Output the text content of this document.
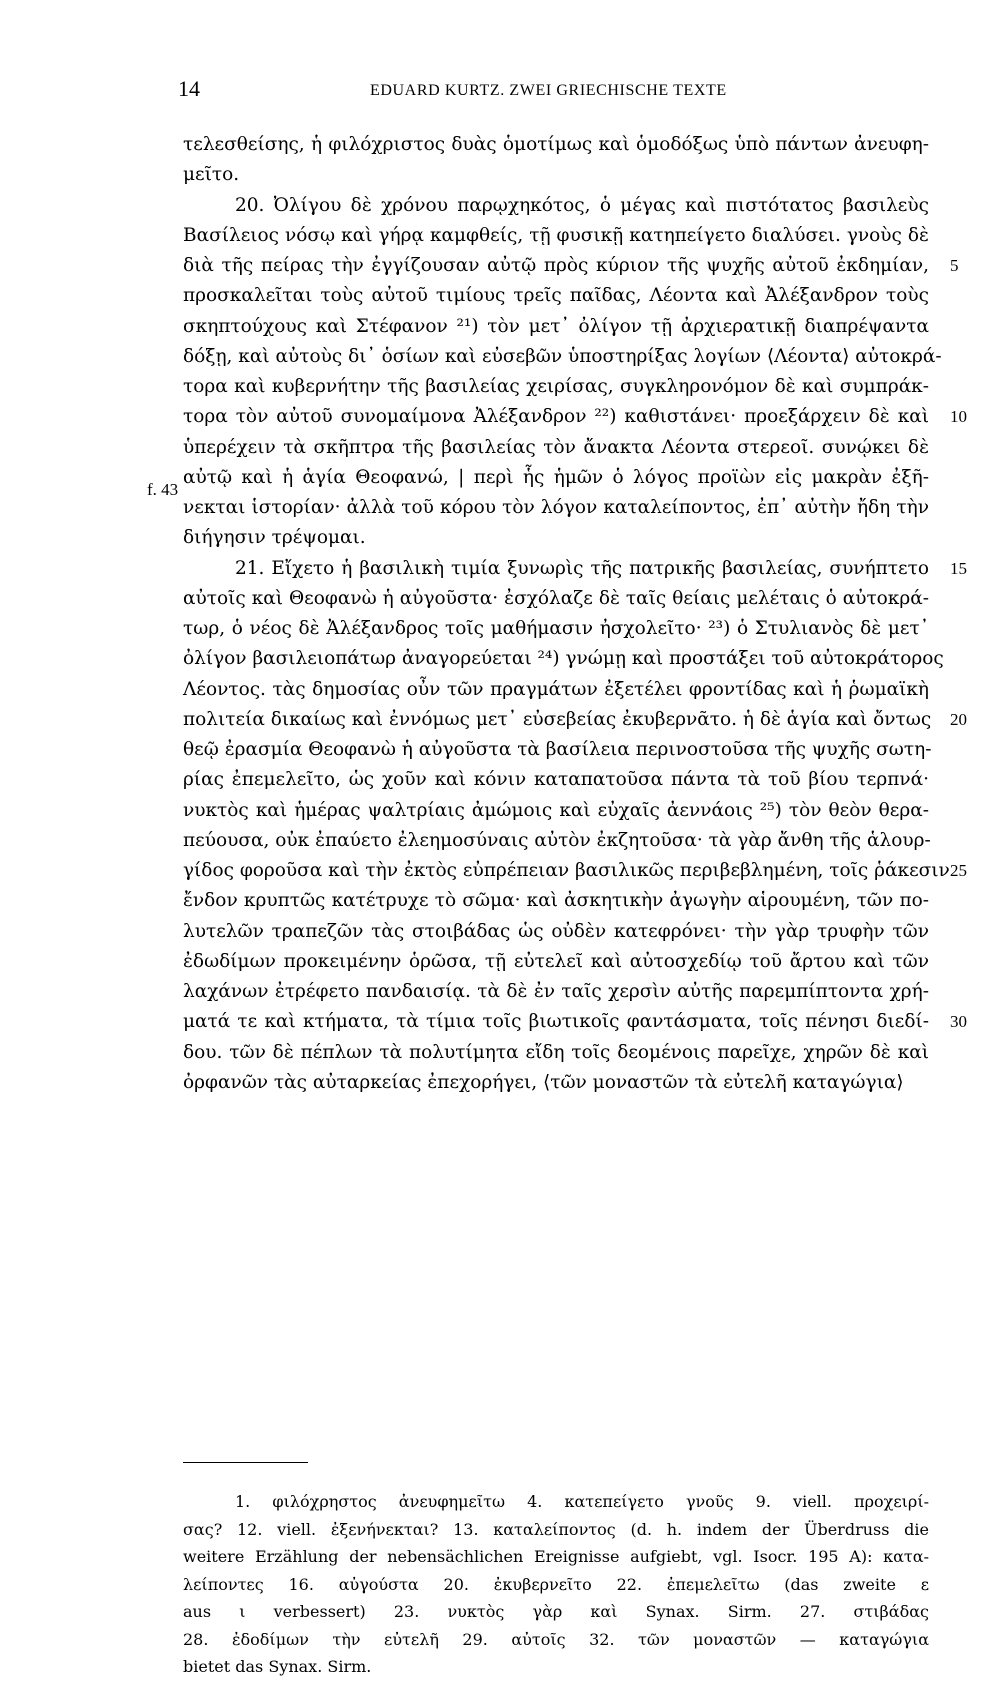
14	EDUARD KURTZ. ZWEI GRIECHISCHE TEXTE
f. 43
τελεσθείσης, ἡ φιλόχριστος δυὰς ὁμοτίμως καὶ ὁμοδόξως ὑπὸ πάντων ἀνευφη-
μεῖτο.
20. Ὀλίγου δὲ χρόνου παρῳχηκότος, ὁ μέγας καὶ πιστότατος βασιλεὺς
Βασίλειος νόσῳ καὶ γήρᾳ καμφθείς, τῇ φυσικῇ κατηπείγετο διαλύσει. γνοὺς δὲ
διὰ τῆς πείρας τὴν ἐγγίζουσαν αὐτῷ πρὸς κύριον τῆς ψυχῆς αὐτοῦ ἐκδημίαν, 5
προσκαλεῖται τοὺς αὐτοῦ τιμίους τρεῖς παῖδας, Λέοντα καὶ Ἀλέξανδρον τοὺς
σκηπτούχους καὶ Στέφανον ²¹) τὸν μετ᾽ ὀλίγον τῇ ἀρχιερατικῇ διαπρέψαντα
δόξῃ, καὶ αὐτοὺς δι᾽ ὁσίων καὶ εὐσεβῶν ὑποστηρίξας λογίων ⟨Λέοντα⟩ αὐτοκρά-
τορα καὶ κυβερνήτην τῆς βασιλείας χειρίσας, συγκληρονόμον δὲ καὶ συμπράκ-
τορα τὸν αὐτοῦ συνομαίμονα Ἀλέξανδρον ²²) καθιστάνει· προεξάρχειν δὲ καὶ 10
ὑπερέχειν τὰ σκῆπτρα τῆς βασιλείας τὸν ἄνακτα Λέοντα στερεοῖ. συνῴκει δὲ
αὐτῷ καὶ ἡ ἁγία Θεοφανώ, | περὶ ἧς ἡμῶν ὁ λόγος προϊὼν εἰς μακρὰν ἐξῆ-
νεκται ἱστορίαν· ἀλλὰ τοῦ κόρου τὸν λόγον καταλείποντος, ἐπ᾽ αὐτὴν ἤδη τὴν
διήγησιν τρέψομαι.
21. Εἴχετο ἡ βασιλικὴ τιμία ξυνωρὶς τῆς πατρικῆς βασιλείας, συνήπτετο 15
αὐτοῖς καὶ Θεοφανὼ ἡ αὐγοῦστα· ἐσχόλαζε δὲ ταῖς θείαις μελέταις ὁ αὐτοκρά-
τωρ, ὁ νέος δὲ Ἀλέξανδρος τοῖς μαθήμασιν ἠσχολεῖτο· ²³) ὁ Στυλιανὸς δὲ μετ᾽
ὀλίγον βασιλειοπάτωρ ἀναγορεύεται ²⁴) γνώμῃ καὶ προστάξει τοῦ αὐτοκράτορος
Λέοντος. τὰς δημοσίας οὖν τῶν πραγμάτων ἐξετέλει φροντίδας καὶ ἡ ῥωμαϊκὴ
πολιτεία δικαίως καὶ ἐννόμως μετ᾽ εὐσεβείας ἐκυβερνᾶτο. ἡ δὲ ἁγία καὶ ὄντως 20
θεῷ ἐρασμία Θεοφανὼ ἡ αὐγοῦστα τὰ βασίλεια περινοστοῦσα τῆς ψυχῆς σωτη-
ρίας ἐπεμελεῖτο, ὡς χοῦν καὶ κόνιν καταπατοῦσα πάντα τὰ τοῦ βίου τερπνά·
νυκτὸς καὶ ἡμέρας ψαλτρίαις ἀμώμοις καὶ εὐχαῖς ἀεννάοις ²⁵) τὸν θεὸν θερα-
πεύουσα, οὐκ ἐπαύετο ἐλεημοσύναις αὐτὸν ἐκζητοῦσα· τὰ γὰρ ἄνθη τῆς ἁλουρ-
γίδος φοροῦσα καὶ τὴν ἐκτὸς εὐπρέπειαν βασιλικῶς περιβεβλημένη, τοῖς ῥάκεσιν 25
ἔνδον κρυπτῶς κατέτρυχε τὸ σῶμα· καὶ ἀσκητικὴν ἀγωγὴν αἱρουμένη, τῶν πο-
λυτελῶν τραπεζῶν τὰς στοιβάδας ὡς οὐδὲν κατεφρόνει· τὴν γὰρ τρυφὴν τῶν
ἐδωδίμων προκειμένην ὁρῶσα, τῇ εὐτελεῖ καὶ αὐτοσχεδίῳ τοῦ ἄρτου καὶ τῶν
λαχάνων ἐτρέφετο πανδαισίᾳ. τὰ δὲ ἐν ταῖς χερσὶν αὐτῆς παρεμπίπτοντα χρή-
ματά τε καὶ κτήματα, τὰ τίμια τοῖς βιωτικοῖς φαντάσματα, τοῖς πένησι διεδί- 30
δου. τῶν δὲ πέπλων τὰ πολυτίμητα εἴδη τοῖς δεομένοις παρεῖχε, χηρῶν δὲ καὶ
ὀρφανῶν τὰς αὐταρκείας ἐπεχορήγει, ⟨τῶν μοναστῶν τὰ εὐτελῆ καταγώγια⟩
1. φιλόχρηστος ἀνευφημεῖτω 4. κατεπείγετο γνοῦς 9. viell. προχειρί-
σας? 12. viell. ἐξενήνεκται? 13. καταλείποντος (d. h. indem der Überdruss die
weitere Erzählung der nebensächlichen Ereignisse aufgiebt, vgl. Isocr. 195 A): κατα-
λείποντες 16. αὐγούστα 20. ἐκυβερνεῖτο 22. ἐπεμελεῖτω (das zweite ε
aus ι verbessert) 23. νυκτὸς γὰρ καὶ Synax. Sirm. 27. στιβάδας
28. ἐδοδίμων τὴν εὐτελῆ 29. αὐτοῖς 32. τῶν μοναστῶν — καταγώγια
bietet das Synax. Sirm.
